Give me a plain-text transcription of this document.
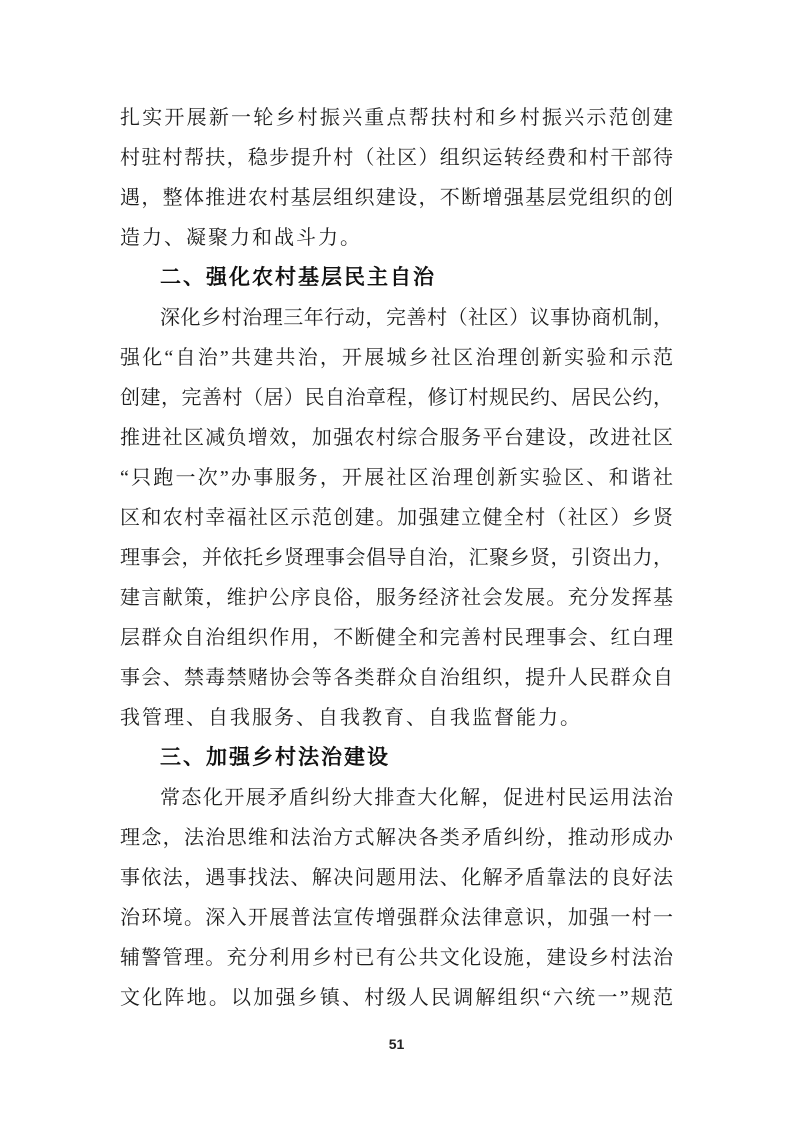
扎实开展新一轮乡村振兴重点帮扶村和乡村振兴示范创建
村驻村帮扶，稳步提升村（社区）组织运转经费和村干部待
遇，整体推进农村基层组织建设，不断增强基层党组织的创
造力、凝聚力和战斗力。
二、强化农村基层民主自治
深化乡村治理三年行动，完善村（社区）议事协商机制，
强化“自治”共建共治，开展城乡社区治理创新实验和示范
创建，完善村（居）民自治章程，修订村规民约、居民公约，
推进社区减负增效，加强农村综合服务平台建设，改进社区
“只跑一次”办事服务，开展社区治理创新实验区、和谐社
区和农村幸福社区示范创建。加强建立健全村（社区）乡贤
理事会，并依托乡贤理事会倡导自治，汇聚乡贤，引资出力，
建言献策，维护公序良俗，服务经济社会发展。充分发挥基
层群众自治组织作用，不断健全和完善村民理事会、红白理
事会、禁毒禁赌协会等各类群众自治组织，提升人民群众自
我管理、自我服务、自我教育、自我监督能力。
三、加强乡村法治建设
常态化开展矛盾纠纷大排查大化解，促进村民运用法治
理念，法治思维和法治方式解决各类矛盾纠纷，推动形成办
事依法，遇事找法、解决问题用法、化解矛盾靠法的良好法
治环境。深入开展普法宣传增强群众法律意识，加强一村一
辅警管理。充分利用乡村已有公共文化设施，建设乡村法治
文化阵地。以加强乡镇、村级人民调解组织“六统一”规范
51
